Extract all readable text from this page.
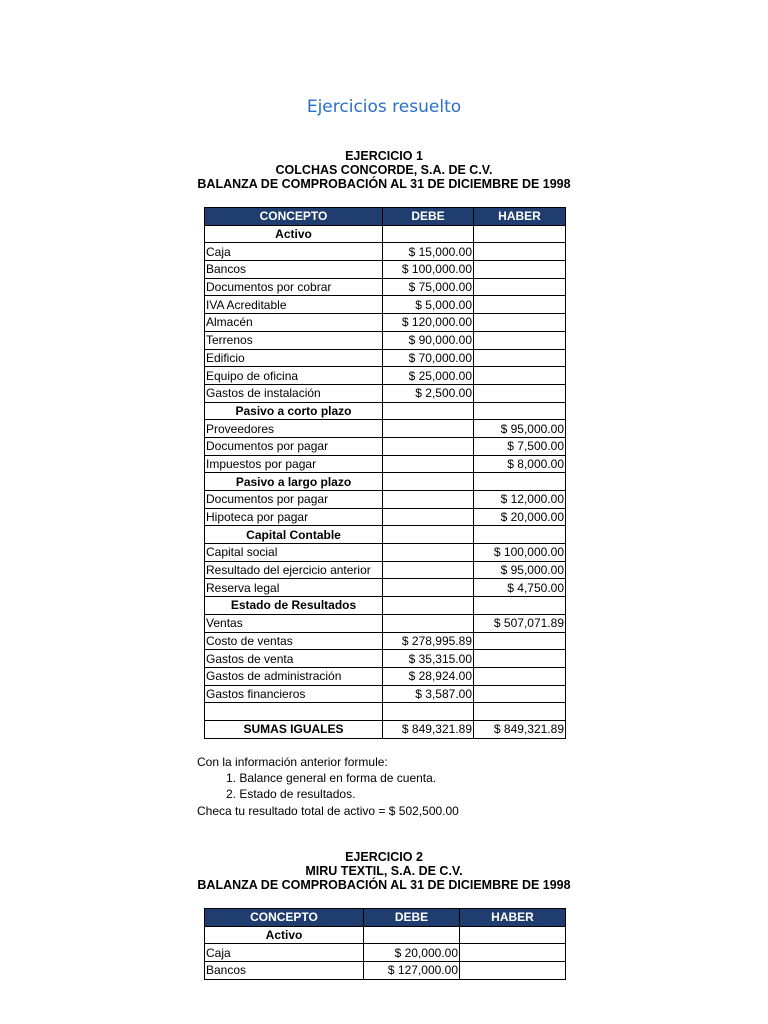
Ejercicios resuelto
EJERCICIO 1
COLCHAS CONCORDE, S.A. DE C.V.
BALANZA DE COMPROBACIÓN AL 31 DE DICIEMBRE DE 1998
CONCEPTO	DEBE	HABER
Activo		
Caja	$ 15,000.00	
Bancos	$ 100,000.00	
Documentos por cobrar	$ 75,000.00	
IVA Acreditable	$ 5,000.00	
Almacén	$ 120,000.00	
Terrenos	$ 90,000.00	
Edificio	$ 70,000.00	
Equipo de oficina	$ 25,000.00	
Gastos de instalación	$ 2,500.00	
Pasivo a corto plazo		
Proveedores		$ 95,000.00
Documentos por pagar		$ 7,500.00
Impuestos por pagar		$ 8,000.00
Pasivo a largo plazo		
Documentos por pagar		$ 12,000.00
Hipoteca por pagar		$ 20,000.00
Capital Contable		
Capital social		$ 100,000.00
Resultado del ejercicio anterior		$ 95,000.00
Reserva legal		$ 4,750.00
Estado de Resultados		
Ventas		$ 507,071.89
Costo de ventas	$ 278,995.89	
Gastos de venta	$ 35,315.00	
Gastos de administración	$ 28,924.00	
Gastos financieros	$ 3,587.00	

SUMAS IGUALES	$ 849,321.89	$ 849,321.89
Con la información anterior formule:
1. Balance general en forma de cuenta.
2. Estado de resultados.
Checa tu resultado total de activo = $ 502,500.00
EJERCICIO 2
MIRU TEXTIL, S.A. DE C.V.
BALANZA DE COMPROBACIÓN AL 31 DE DICIEMBRE DE 1998
CONCEPTO	DEBE	HABER
Activo		
Caja	$ 20,000.00	
Bancos	$ 127,000.00	
